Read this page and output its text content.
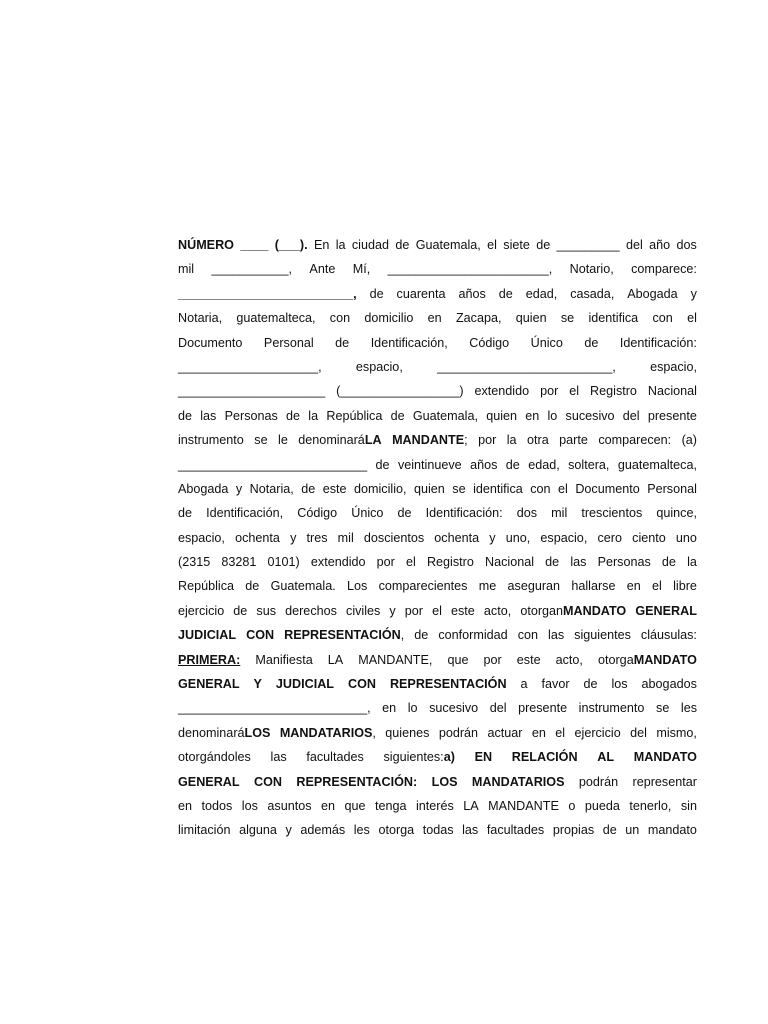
NÚMERO ____ (___). En la ciudad de Guatemala, el siete de _________ del año dos
mil ___________, Ante Mí, _______________________, Notario, comparece:
_________________________, de cuarenta años de edad, casada, Abogada y
Notaria, guatemalteca, con domicilio en Zacapa, quien se identifica con el
Documento Personal de Identificación, Código Único de Identificación:
____________________,	espacio,	_________________________,	espacio,
_____________________ (_________________) extendido por el Registro Nacional
de las Personas de la República de Guatemala, quien en lo sucesivo del presente
instrumento se le denominaráLA MANDANTE; por la otra parte comparecen: (a)
___________________________ de veintinueve años de edad, soltera, guatemalteca,
Abogada y Notaria, de este domicilio, quien se identifica con el Documento Personal
de Identificación, Código Único de Identificación: dos mil trescientos quince,
espacio, ochenta y tres mil doscientos ochenta y uno, espacio, cero ciento uno
(2315 83281 0101) extendido por el Registro Nacional de las Personas de la
República de Guatemala. Los comparecientes me aseguran hallarse en el libre
ejercicio de sus derechos civiles y por el este acto, otorganMANDATO GENERAL
JUDICIAL CON REPRESENTACIÓN, de conformidad con las siguientes cláusulas:
PRIMERA: Manifiesta LA MANDANTE, que por este acto, otorgaMANDATO
GENERAL Y JUDICIAL CON REPRESENTACIÓN a favor de los abogados
___________________________, en lo sucesivo del presente instrumento se les
denominaráLOS MANDATARIOS, quienes podrán actuar en el ejercicio del mismo,
otorgándoles las facultades siguientes:a) EN RELACIÓN AL MANDATO
GENERAL CON REPRESENTACIÓN: LOS MANDATARIOS podrán representar
en todos los asuntos en que tenga interés LA MANDANTE o pueda tenerlo, sin
limitación alguna y además les otorga todas las facultades propias de un mandato
